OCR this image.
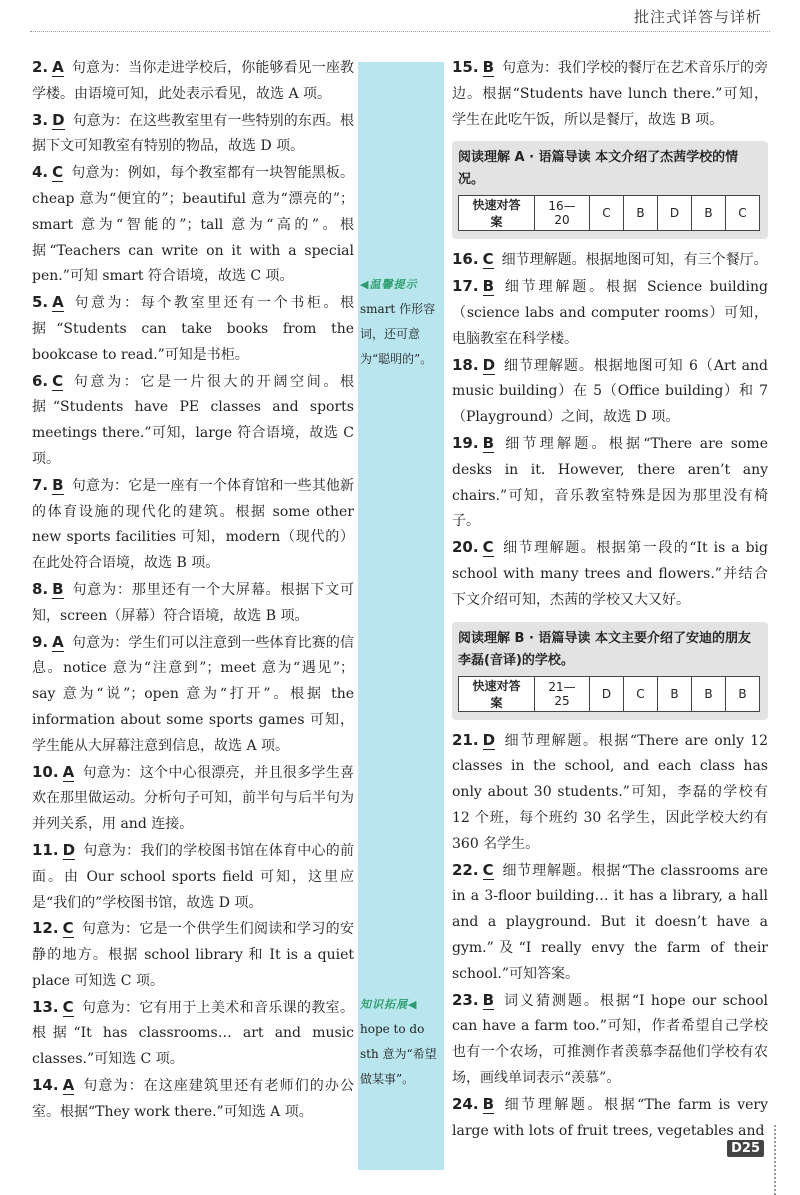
批注式详答与详析
◀温馨提示
smart 作形容词，还可意为“聪明的”。
知识拓展◀
hope to do sth 意为“希望做某事”。
2. A 句意为：当你走进学校后，你能够看见一座教学楼。由语境可知，此处表示看见，故选 A 项。
3. D 句意为：在这些教室里有一些特别的东西。根据下文可知教室有特别的物品，故选 D 项。
4. C 句意为：例如，每个教室都有一块智能黑板。cheap 意为“便宜的”；beautiful 意为“漂亮的”；smart 意为“智能的”；tall 意为“高的”。根据“Teachers can write on it with a special pen.”可知 smart 符合语境，故选 C 项。
5. A 句意为：每个教室里还有一个书柜。根据“Students can take books from the bookcase to read.”可知是书柜。
6. C 句意为：它是一片很大的开阔空间。根据“Students have PE classes and sports meetings there.”可知，large 符合语境，故选 C 项。
7. B 句意为：它是一座有一个体育馆和一些其他新的体育设施的现代化的建筑。根据 some other new sports facilities 可知，modern（现代的）在此处符合语境，故选 B 项。
8. B 句意为：那里还有一个大屏幕。根据下文可知，screen（屏幕）符合语境，故选 B 项。
9. A 句意为：学生们可以注意到一些体育比赛的信息。notice 意为“注意到”；meet 意为“遇见”；say 意为“说”；open 意为“打开”。根据 the information about some sports games 可知，学生能从大屏幕注意到信息，故选 A 项。
10. A 句意为：这个中心很漂亮，并且很多学生喜欢在那里做运动。分析句子可知，前半句与后半句为并列关系，用 and 连接。
11. D 句意为：我们的学校图书馆在体育中心的前面。由 Our school sports field 可知，这里应是“我们的”学校图书馆，故选 D 项。
12. C 句意为：它是一个供学生们阅读和学习的安静的地方。根据 school library 和 It is a quiet place 可知选 C 项。
13. C 句意为：它有用于上美术和音乐课的教室。根据“It has classrooms… art and music classes.”可知选 C 项。
14. A 句意为：在这座建筑里还有老师们的办公室。根据“They work there.”可知选 A 项。
15. B 句意为：我们学校的餐厅在艺术音乐厅的旁边。根据“Students have lunch there.”可知，学生在此吃午饭，所以是餐厅，故选 B 项。
阅读理解 A · 语篇导读 本文介绍了杰茜学校的情况。
快速对答案	16—20	C	B	D	B	C
16. C 细节理解题。根据地图可知，有三个餐厅。
17. B 细节理解题。根据 Science building（science labs and computer rooms）可知，电脑教室在科学楼。
18. D 细节理解题。根据地图可知 6（Art and music building）在 5（Office building）和 7（Playground）之间，故选 D 项。
19. B 细节理解题。根据“There are some desks in it. However, there aren’t any chairs.”可知，音乐教室特殊是因为那里没有椅子。
20. C 细节理解题。根据第一段的“It is a big school with many trees and flowers.”并结合下文介绍可知，杰茜的学校又大又好。
阅读理解 B · 语篇导读 本文主要介绍了安迪的朋友李磊(音译)的学校。
快速对答案	21—25	D	C	B	B	B
21. D 细节理解题。根据“There are only 12 classes in the school, and each class has only about 30 students.”可知，李磊的学校有 12 个班，每个班约 30 名学生，因此学校大约有 360 名学生。
22. C 细节理解题。根据“The classrooms are in a 3-floor building… it has a library, a hall and a playground. But it doesn’t have a gym.”及“I really envy the farm of their school.”可知答案。
23. B 词义猜测题。根据“I hope our school can have a farm too.”可知，作者希望自己学校也有一个农场，可推测作者羡慕李磊他们学校有农场，画线单词表示“羡慕”。
24. B 细节理解题。根据“The farm is very large with lots of fruit trees, vegetables and
D25
